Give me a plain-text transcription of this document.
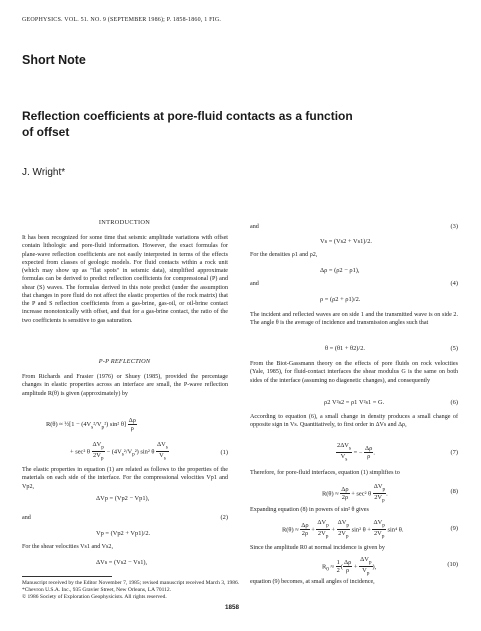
GEOPHYSICS. VOL. 51. NO. 9 (SEPTEMBER 1986); P. 1858-1860, 1 FIG.
Short Note
Reflection coefficients at pore-fluid contacts as a function of offset
J. Wright*
INTRODUCTION

It has been recognized for some time that seismic amplitude variations with offset contain lithologic and pore-fluid information. However, the exact formulas for plane-wave reflection coefficients are not easily interpreted in terms of the effects expected from classes of geologic models. For fluid contacts within a rock unit (which may show up as "flat spots" in seismic data), simplified approximate formulas can be derived to predict reflection coefficients for compressional (P) and shear (S) waves. The formulas derived in this note predict (under the assumption that changes in pore fluid do not affect the elastic properties of the rock matrix) that the P and S reflection coefficients from a gas-brine, gas-oil, or oil-brine contact increase monotonically with offset, and that for a gas-brine contact, the ratio of the two coefficients is sensitive to gas saturation.

P-P REFLECTION

From Richards and Frasier (1976) or Shuey (1985), provided the percentage changes in elastic properties across an interface are small, the P-wave reflection amplitude R(θ) is given (approximately) by

R(θ) ≈ ½[1 − $(4V_s^2/V_p^2)$ sin² $\theta] \frac{\Delta\rho}{\rho}$
+ sec² θ $\frac{\Delta V_p}{2V_p} - (4V_s^2/V_p^2)$ sin² θ $\frac{\Delta V_s}{V_s}$	(1)

The elastic properties in equation (1) are related as follows to the properties of the materials on each side of the interface. For the compressional velocities Vp1 and Vp2,

ΔVp = (Vp2 − Vp1),
and	(2)
Vp = (Vp2 + Vp1)/2.

For the shear velocities Vs1 and Vs2,

ΔVs = (Vs2 − Vs1),
and	(3)
Vs = (Vs2 + Vs1)/2.

For the densities ρ1 and ρ2,

Δρ = (ρ2 − ρ1),
and	(4)
ρ = (ρ2 + ρ1)/2.

The incident and reflected waves are on side 1 and the transmitted wave is on side 2. The angle θ is the average of incidence and transmission angles such that

θ = (θ1 + θ2)/2.	(5)

From the Biot-Gassmann theory on the effects of pore fluids on rock velocities (Yale, 1985), for fluid-contact interfaces the shear modulus G is the same on both sides of the interface (assuming no diagenetic changes), and consequently

ρ2 V²s2 = ρ1 V²s1 = G.	(6)

According to equation (6), a small change in density produces a small change of opposite sign in Vs. Quantitatively, to first order in ΔVs and Δρ,

$\frac{2\Delta V_s}{V_s}$ = − $\frac{\Delta\rho}{\rho}$ .	(7)

Therefore, for pore-fluid interfaces, equation (1) simplifies to

$R(\theta) \approx \frac{\Delta\rho}{2\rho} + \sec^2$ θ $\frac{\Delta V_p}{2V_p}$ .	(8)

Expanding equation (8) in powers of sin² θ gives

$R(\theta) \approx \frac{\Delta\rho}{2\rho} + \frac{\Delta V_p}{2V_p} + \frac{\Delta V_p}{2V_p} \sin^2$ $\theta + \frac{\Delta V_p}{2V_p} \sin^4$ θ.	(9)

Since the amplitude R0 at normal incidence is given by

$R_0 \approx \frac{1}{2}$ ( $\frac{\Delta\rho}{\rho} + \frac{\Delta V_p}{V_p}$ ),	(10)

equation (9) becomes, at small angles of incidence,

Manuscript received by the Editor November 7, 1985; revised manuscript received March 3, 1986.
*Chevron U.S.A. Inc., 935 Gravier Street, New Orleans, LA 70112.
© 1986 Society of Exploration Geophysicists. All rights reserved.
1858
